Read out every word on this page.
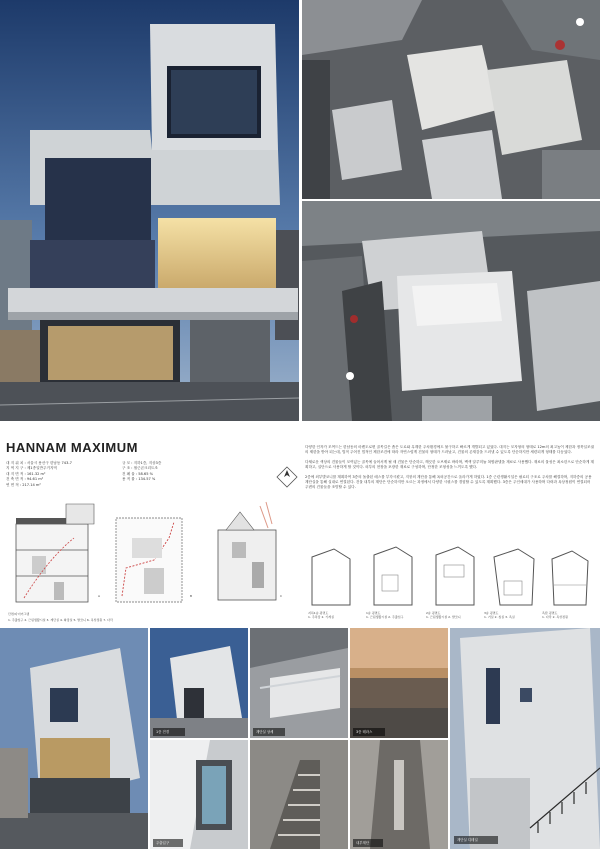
HANNAM MAXIMUM
대 지 위 치 : 서울시 용산구 한남동 743-7
지 역 지 구 : 제1종일반주거지역
대 지 면 적 : 161.32 m²
건 축 면 적 : 94.61 m²
연 면 적 : 217.14 m²
규 모 : 지하1층, 지상3층
구 조 : 철근콘크리트조
건 폐 율 : 58.65 %
용 적 률 : 134.57 %

다양한 인자가 모여드는 한남동의 마켄도로변 골목길은 좁은 도로와 무계한 주차환경에도 불구하고 빠르게 개발되고 있었다. 대지는 모자형의 형태로 12m의 최고높이 제한과 정북일조권의 제한을 받아 되는데, 법적 주어진 법적인 제한조건에 따라 자연스럽게 건물의 형태가 드러났고, 건물의 존재감을 드러낼 수 있도록 단순하지만 세련되게 형태를 다듬었다.

다채로운 색상의 건물들이 모여있는 골목에 들어서게 될 새 건물은 단순하고, 깨끗한 오브제로 바라며, 백색 알루미늄 복합판넬을 재료로 사용했다. 재료의 물성은 최소한으로 단순하게 계획하고, 실단으로 사용하게 할 것이다. 외부의 현장을 포장한 재료로 구성하며, 단정한 조형성을 느끼도록 했다.

2층에 외부발코니를 계획하여 3층의 돌출된 매스를 부각시켰고, 지붕의 계단을 통해 옥외공간으로 올라가게 하였다. 1층 근린생활시설은 필로티 구조로 주차를 해결하며, 지하층의 공용 계단실을 통해 실내로 연결된다. 건물 내부의 계단은 단순하지만 오르는 과정에서 다양한 시퀀스를 경험할 수 있도록 계획했다. 3층은 주인세대가 사용하며 다락과 옥상정원이 연결되어 주변의 건물들을 조망할 수 있다.

A	B	C
단면/다이어그램
1. 주출입구 2. 근린생활시설 3. 계단실 4. 화장실 5. 발코니 6. 옥상정원 7. 다락
지하1층 평면도
1. 주차장 2. 기계실
1층 평면도
1. 근린생활시설 2. 주출입구
2층 평면도
1. 근린생활시설 2. 발코니
3층 평면도
1. 거실 2. 침실 3. 욕실
옥탑 평면도
1. 다락 2. 옥상정원
1층 전경
주출입구
계단실 상세	3층 테라스
내부계단
계단실 디테일
